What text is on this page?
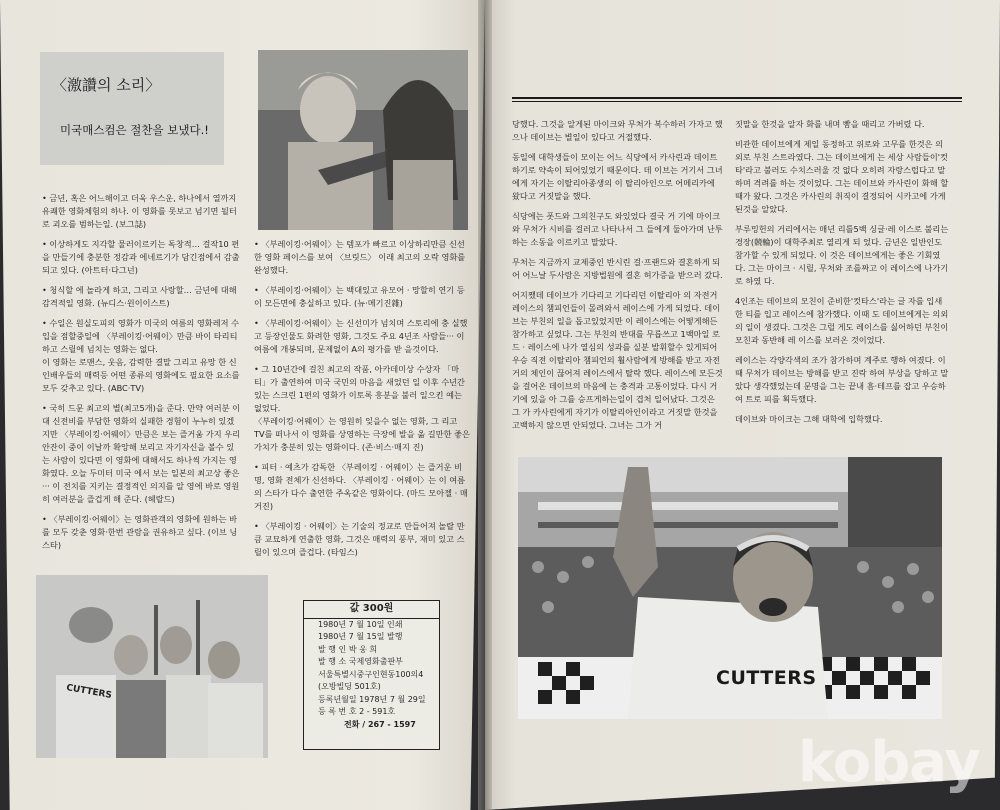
〈激讚의 소리〉
미국매스컴은 절찬을 보냈다.!

• 금년, 혹은 어느해이고 더욱 우스운, 하나에서 열까지 유쾌한 영화체험의 하나. 이 영화를 못보고 넘기면 될터로 괴오를 범하는일. (보그誌)

• 이상하게도 지각할 물러이르키는 독창적… 걸작10 편을 만들기에 충분한 정감과 에네르기가 담긴점에서 감출되고 있다. (아트터·다그넌)

• 청식할 에 놀라게 하고, 그리고 사랑할… 금년에 대해 감격적일 영화. (뉴디스·윈이이스트)

• 수일은 원실도피의 영화가 미국의 여름의 영화레저 수입을 점할중일에 〈부레이킹·어웨이〉만큼 바이 타리티하고 스릴에 넘치는 영화는 없다.

이 영화는 로맨스, 웃음, 감력한 결말 그리고 유망 한 신인배우들의 매력등 어떤 종류의 영화에도 필요한 요소를 모두 갖추고 있다. (ABC·TV)

• 국히 드문 최고의 별(최고5개)을 준다. 만약 여러분 이 대 신전비를 부담한 영화의 실패한 경험이 누누히 있겠지만 〈부레이킹·어웨이〉만큼은 보는 즐거움 가지 우리 안잔이 중이 이날까 확앙해 보리고 자기자신을 볼수 있는 사람이 있다면 이 영화에 대해서도 하나씩 가지는 영화였다. 오늘 두미터 미국 에서 보는 일본의 최고상 좋은 ··· 이 전치를 지키는 결정적인 의지를 알 영에 바로 영원히 여러분을 즐겁게 해 준다. (헤랄드)

• 〈부레이킹·어웨이〉는 영화관객의 영화에 원하는 바 를 모두 갖춘 영화·한번 관람을 권유하고 싶다. (이브 닝스타)

• 〈부레이킹·어웨이〉는 템포가 빠르고 이상하리만큼 신선한 영화 페이스를 보여 〈브릿드〉 이래 최고의 오락 영화를 완성했다.

• 〈부레이킹·어웨이〉는 백대있고 유모어 · 망할히 연기 등이 모든면에 충실하고 있다. (뉴·메기진雜)

• 〈부레이킹·어웨이〉는 신선미가 넘치며 스토리에 충 실했고 등장인물도 화려한 영화, 그것도 주요 4년조 사람들··· 이 여름에 개봉되며, 문제없이 A의 평가를 받 을것이다.

• 그 10년간에 걸친 최고의 작품, 아카데미상 수상자 「마티」가 출연하여 미국 국민의 마음을 새었던 일 이후 수년간 있는 스크린 1편의 영화가 이토록 흥분을 불러 일으킨 예는 없었다.

〈부레이킹·어웨이〉는 영원히 잊을수 없는 영화, 그 리고 TV를 떠나서 이 영화를 상영하는 극장에 발을 옮 길만한 좋은 가치가 충분히 있는 영화이다. (존·비스·매지 진)

• 피터 · 예츠가 감독한 〈부레이킹 · 어웨이〉는 즐거운 비명, 영화 전체가 신선하다. 〈부레이킹 · 어웨이〉는 이 여름의 스타가 다수 출연한 주옥같은 영화이다. (마드 모아젤 · 매거진)

• 〈부레이킹 · 어웨이〉는 기술의 정교로 만들어져 놀랄 만큼 교묘하게 연출한 영화, 그것은 매력의 풍부, 재미 있고 스릴이 있으며 즐겁다. (타임스)

CUTTERS
값 300원
1980년 7 월 10일 인쇄
1980년 7 월 15일 발행
발 행 인 박 웅 희
발 행 소 국제영화출판부
서울특별시중구인현동100의4
(오방빌딩 501호)
등록년월일 1978년 7 월 29일
등 록 번 호 2 - 591호
전화 / 267 - 1597

당했다. 그것을 알게된 마이크와 무처가 복수하러 가자고 했으나 데이브는 별일이 있다고 거절했다.

동일에 대학생들이 모이는 어느 식당에서 카사린과 데이트하기로 약속이 되어있었기 때문이다. 데 이브는 거기서 그녀에게 자기는 이탈리아종생의 이 탈리아인으로 어메리카에 왔다고 거짓말을 했다.

식당에는 폿드와 그의친구도 와있었다 결국 거 기에 마이크와 무처가 시비를 걸러고 나타나서 그 들에게 둘아가며 난투하는 소동을 이르키고 말았다.

무처는 지금까지 교제중인 반시린 걸·프랜드와 결혼하게 되어 어느날 두사람은 지방법원에 결혼 허가증을 받으러 갔다.

어지쨌데 데이브가 기다리고 기다리던 이탈리아 의 자전거레이스의 챔피언들이 몰려와서 레이스에 가게 되었다. 데이브는 부친의 일을 돕고있었지만 이 레이스에는 어떻게해든 참가하고 싶었다. 그는 부친의 반대를 무릅쓰고 1백마일 로드 · 레이스에 나가 열심의 성과를 실분 발휘할수 있게되어 우승 직전 이탈리아 챔피언의 훨사람에게 방해를 받고 자전거의 체인이 끊어져 레이스에서 탈락 했다. 레이스에 모든것을 걸어온 데이브의 마음에 는 충격과 고통이었다. 다시 거기에 있을 아 그를 승프게하는일이 겹처 일어났다. 그것은 그 가 카사린에게 자기가 이탈리아인이라고 거짓말 한것을 고백하지 않으면 안되었다. 그녀는 그가 거

짓말을 한것을 알자 화를 내며 빰을 때리고 가버렸 다.

비관한 데이브에게 제일 동정하고 위로와 고무를 한것은 의외로 부친 스트라였다. 그는 데이브에게 는 세상 사람들이'컷타'라고 불러도 수치스러울 것 없다 오히려 자랑스럽다고 말하며 격려를 하는 것이었다. 그는 데이브와 카사린이 화해 할 때가 왔다. 그것은 카사린의 취직이 결정되어 시카고에 가게 된것을 알았다.

부루밍헌의 거리에서는 매년 리틀5백 싱글·레 이스로 불리는 경장(競輪)이 대학주최로 열리게 되 었다. 금년은 일반인도 참가할 수 있게 되었다. 이 것은 데이브에게는 좋은 기회였다. 그는 마이크 · 시릴, 무처와 조를짜고 이 레이스에 나가기로 하였 다.

4인조는 데이브의 모친이 준비한'컷타스'라는 글 자를 입새한 티를 입고 레이스에 참가했다. 이때 도 데이브에게는 의외의 일이 생겼다. 그것은 그럴 게도 레이스를 싫어하던 부친이 모친과 동반해 레 이스를 보러온 것이었다.

레이스는 각양각색의 조가 참가하며 계주로 행하 여졌다. 이때 무처가 데이브는 방해를 받고 진락 하여 부상을 당하고 말았다 생각했었는데 문명을 그는 끝내 흠·테프를 잡고 우승하여 트로 피를 획득했다.

데이브와 마이크는 그해 대학에 입학했다.

CUTTERS
kobay
